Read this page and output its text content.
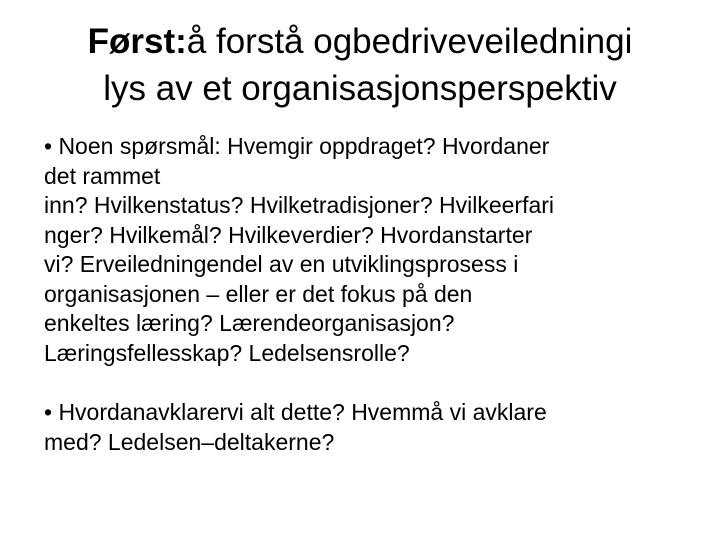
Først:å forstå ogbedriveveiledningi
lys av et organisasjonsperspektiv

• Noen spørsmål: Hvemgir oppdraget? Hvordaner
det rammet
inn? Hvilkenstatus? Hvilketradisjoner? Hvilkeerfari
nger? Hvilkemål? Hvilkeverdier? Hvordanstarter
vi? Erveiledningendel av en utviklingsprosess i
organisasjonen – eller er det fokus på den
enkeltes læring? Lærendeorganisasjon?
Læringsfellesskap? Ledelsensrolle?

• Hvordanavklarervi alt dette? Hvemmå vi avklare
med? Ledelsen–deltakerne?
